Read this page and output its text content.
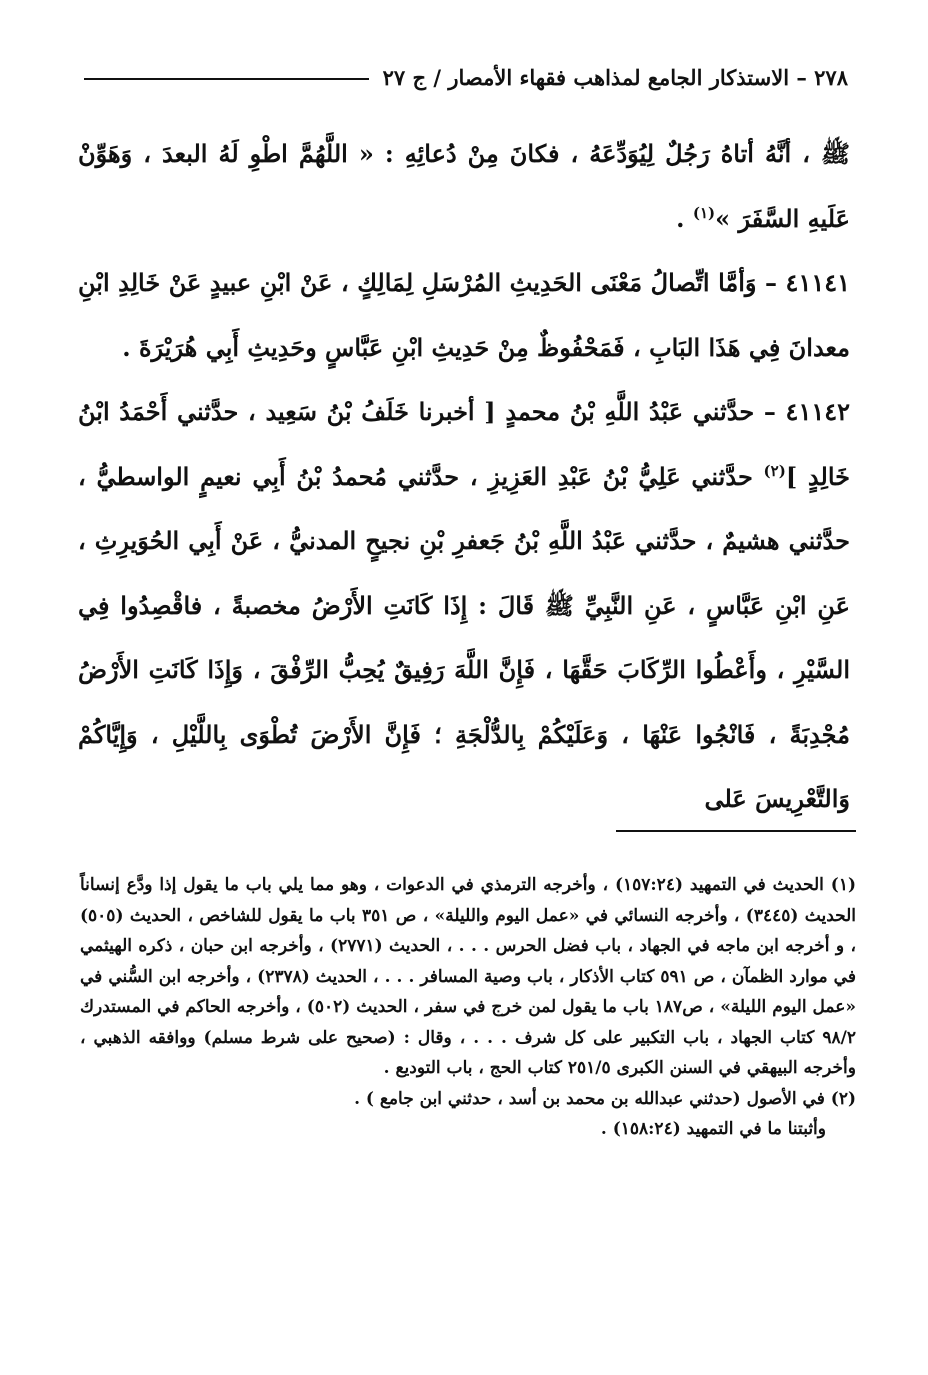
٢٧٨ – الاستذكار الجامع لمذاهب فقهاء الأمصار / ج ٢٧

ﷺ ، أنَّهُ أتاهُ رَجُلٌ لِيُوَدِّعَهُ ، فكانَ مِنْ دُعائِهِ : « اللَّهُمَّ اطْوِ لَهُ البعدَ ، وَهَوِّنْ عَلَيهِ السَّفَرَ »$^{(١)}$ .

٤١١٤١ – وَأمَّا اتِّصالُ مَعْنَى الحَدِيثِ المُرْسَلِ لِمَالِكٍ ، عَنْ ابْنِ عبيدٍ عَنْ خَالِدِ ابْنِ معدانَ فِي هَذَا البَابِ ، فَمَحْفُوظٌ مِنْ حَدِيثِ ابْنِ عَبَّاسٍ وحَدِيثِ أَبِي هُرَيْرَةَ .

٤١١٤٢ – حدَّثني عَبْدُ اللَّهِ بْنُ محمدٍ [ أخبرنا خَلَفُ بْنُ سَعِيد ، حدَّثني أَحْمَدُ ابْنُ خَالِدٍ ]$^{(٢)}$ حدَّثني عَلِيُّ بْنُ عَبْدِ العَزِيزِ ، حدَّثني مُحمدُ بْنُ أَبِي نعيمٍ الواسطيُّ ، حدَّثني هشيمٌ ، حدَّثني عَبْدُ اللَّهِ بْنُ جَعفرِ بْنِ نجيحٍ المدنيُّ ، عَنْ أَبِي الحُوَيرِثِ ، عَنِ ابْنِ عَبَّاسٍ ، عَنِ النَّبِيِّ ﷺ قَالَ : إِذَا كَانَتِ الأَرْضُ مخصبةً ، فاقْصِدُوا فِي السَّيْرِ ، وأَعْطُوا الرِّكَابَ حَقَّهَا ، فَإِنَّ اللَّهَ رَفِيقٌ يُحِبُّ الرِّفْقَ ، وَإِذَا كَانَتِ الأَرْضُ مُجْدِبَةً ، فَانْجُوا عَنْهَا ، وَعَلَيْكُمْ بِالدُّلْجَةِ ؛ فَإِنَّ الأَرْضَ تُطْوَى بِاللَّيْلِ ، وَإِيَّاكُمْ وَالتَّعْرِيسَ عَلى

(١) الحديث في التمهيد (١٥٧:٢٤) ، وأخرجه الترمذي في الدعوات ، وهو مما يلي باب ما يقول إذا ودَّع إنساناً الحديث (٣٤٤٥) ، وأخرجه النسائي في «عمل اليوم والليلة» ، ص ٣٥١ باب ما يقول للشاخص ، الحديث (٥٠٥) ، و أخرجه ابن ماجه في الجهاد ، باب فضل الحرس . . . ، الحديث (٢٧٧١) ، وأخرجه ابن حبان ، ذكره الهيثمي في موارد الظمآن ، ص ٥٩١ كتاب الأذكار ، باب وصية المسافر . . . ، الحديث (٢٣٧٨) ، وأخرجه ابن السُّني في «عمل اليوم الليلة» ، ص١٨٧ باب ما يقول لمن خرج في سفر ، الحديث (٥٠٢) ، وأخرجه الحاكم في المستدرك ٩٨/٢ كتاب الجهاد ، باب التكبير على كل شرف . . . ، وقال : (صحيح على شرط مسلم) ووافقه الذهبي ، وأخرجه البيهقي في السنن الكبرى ٢٥١/٥ كتاب الحج ، باب التوديع .

(٢) في الأصول (حدثني عبدالله بن محمد بن أسد ، حدثني ابن جامع ) .

وأثبتنا ما في التمهيد (١٥٨:٢٤) .
